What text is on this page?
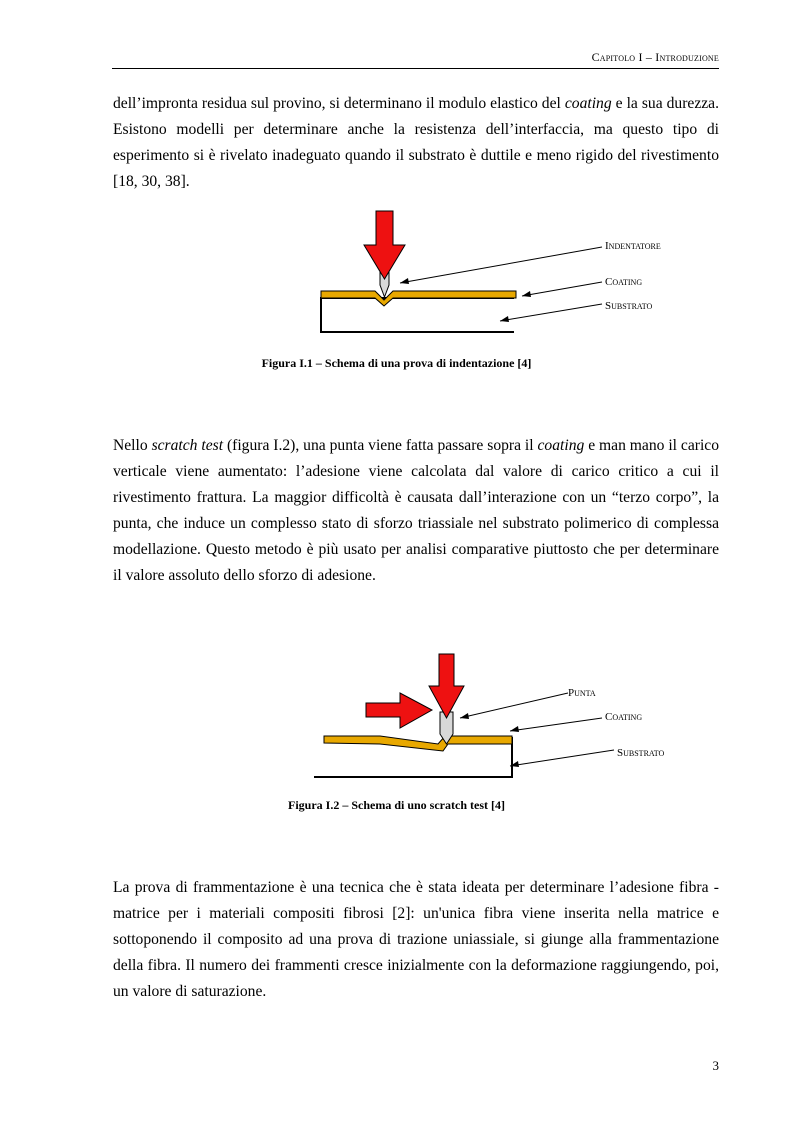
Capitolo I – Introduzione

dell’impronta residua sul provino, si determinano il modulo elastico del coating e la sua durezza. Esistono modelli per determinare anche la resistenza dell’interfaccia, ma questo tipo di esperimento si è rivelato inadeguato quando il substrato è duttile e meno rigido del rivestimento [18, 30, 38].

Indentatore
Coating
Substrato
Figura I.1 – Schema di una prova di indentazione [4]

Nello scratch test (figura I.2), una punta viene fatta passare sopra il coating e man mano il carico verticale viene aumentato: l’adesione viene calcolata dal valore di carico critico a cui il rivestimento frattura. La maggior difficoltà è causata dall’interazione con un “terzo corpo”, la punta, che induce un complesso stato di sforzo triassiale nel substrato polimerico di complessa modellazione. Questo metodo è più usato per analisi comparative piuttosto che per determinare il valore assoluto dello sforzo di adesione.

Punta
Coating
Substrato
Figura I.2 – Schema di uno scratch test [4]

La prova di frammentazione è una tecnica che è stata ideata per determinare l’adesione fibra - matrice per i materiali compositi fibrosi [2]: un'unica fibra viene inserita nella matrice e sottoponendo il composito ad una prova di trazione uniassiale, si giunge alla frammentazione della fibra. Il numero dei frammenti cresce inizialmente con la deformazione raggiungendo, poi, un valore di saturazione.

3
